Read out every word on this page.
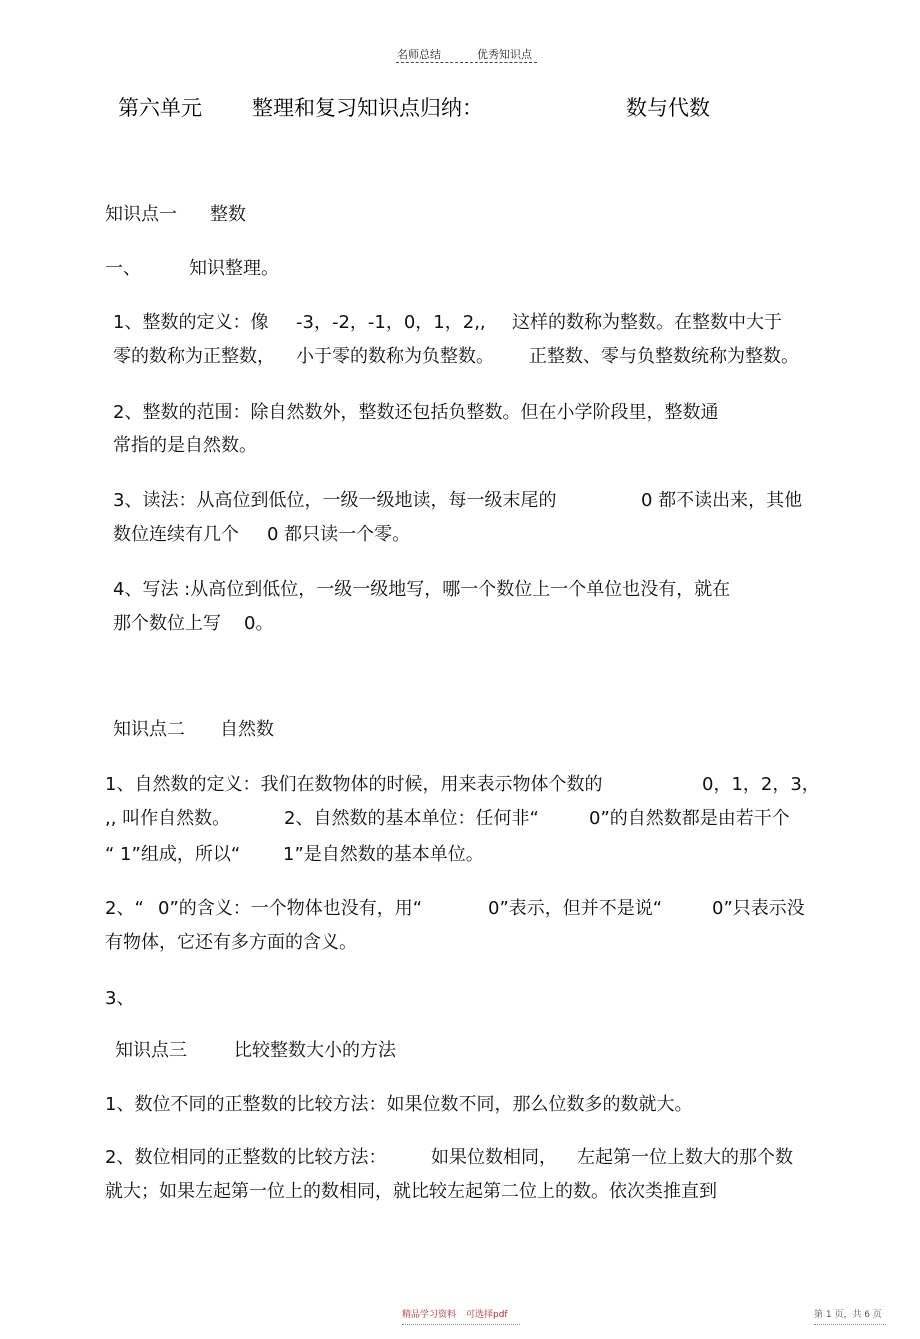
名师总结	优秀知识点
第六单元 整理和复习知识点归纳：	数与代数
知识点一 整数
一、	知识整理。
1、整数的定义：像 -3，-2，-1，0，1，2,, 这样的数称为整数。在整数中大于
零的数称为正整数， 小于零的数称为负整数。 正整数、零与负整数统称为整数。
2、整数的范围：除自然数外，整数还包括负整数。但在小学阶段里，整数通
常指的是自然数。
3、读法：从高位到低位，一级一级地读，每一级末尾的	0 都不读出来，其他
数位连续有几个 0 都只读一个零。
4、写法 :从高位到低位，一级一级地写，哪一个数位上一个单位也没有，就在
那个数位上写 0。
知识点二 自然数
1、自然数的定义：我们在数物体的时候，用来表示物体个数的	0，1，2，3，
,, 叫作自然数。	2、自然数的基本单位：任何非“	0”的自然数都是由若干个
“ 1”组成，所以“ 1”是自然数的基本单位。
2、“ 0”的含义：一个物体也没有，用“	0”表示，但并不是说“	0”只表示没
有物体，它还有多方面的含义。
3、
知识点三	比较整数大小的方法
1、数位不同的正整数的比较方法：如果位数不同，那么位数多的数就大。
2、数位相同的正整数的比较方法： 如果位数相同， 左起第一位上数大的那个数
就大；如果左起第一位上的数相同，就比较左起第二位上的数。依次类推直到
精品学习资料 可选择pdf	第 1 页，共 6 页
